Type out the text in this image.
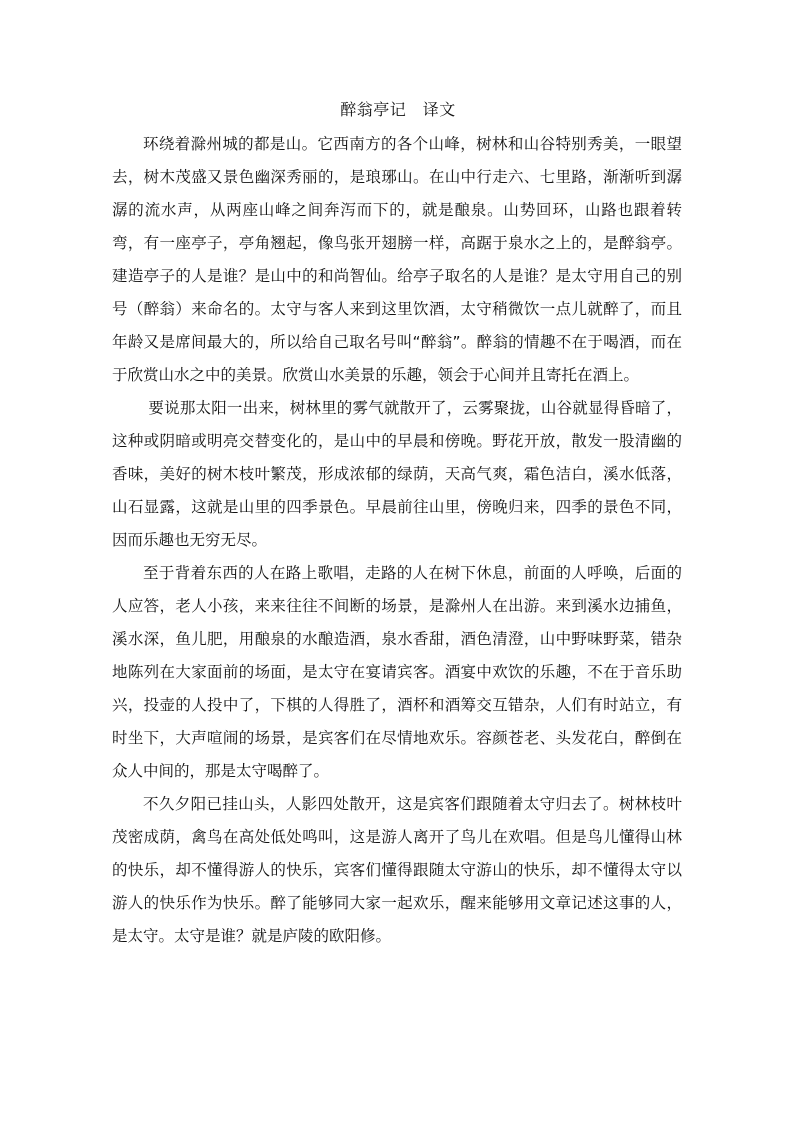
醉翁亭记　译文

环绕着滁州城的都是山。它西南方的各个山峰，树林和山谷特别秀美，一眼望去，树木茂盛又景色幽深秀丽的，是琅琊山。在山中行走六、七里路，渐渐听到潺潺的流水声，从两座山峰之间奔泻而下的，就是酿泉。山势回环，山路也跟着转弯，有一座亭子，亭角翘起，像鸟张开翅膀一样，高踞于泉水之上的，是醉翁亭。建造亭子的人是谁？是山中的和尚智仙。给亭子取名的人是谁？是太守用自己的别号（醉翁）来命名的。太守与客人来到这里饮酒，太守稍微饮一点儿就醉了，而且年龄又是席间最大的，所以给自己取名号叫“醉翁”。醉翁的情趣不在于喝酒，而在于欣赏山水之中的美景。欣赏山水美景的乐趣，领会于心间并且寄托在酒上。

要说那太阳一出来，树林里的雾气就散开了，云雾聚拢，山谷就显得昏暗了，这种或阴暗或明亮交替变化的，是山中的早晨和傍晚。野花开放，散发一股清幽的香味，美好的树木枝叶繁茂，形成浓郁的绿荫，天高气爽，霜色洁白，溪水低落，山石显露，这就是山里的四季景色。早晨前往山里，傍晚归来，四季的景色不同，因而乐趣也无穷无尽。

至于背着东西的人在路上歌唱，走路的人在树下休息，前面的人呼唤，后面的人应答，老人小孩，来来往往不间断的场景，是滁州人在出游。来到溪水边捕鱼，溪水深，鱼儿肥，用酿泉的水酿造酒，泉水香甜，酒色清澄，山中野味野菜，错杂地陈列在大家面前的场面，是太守在宴请宾客。酒宴中欢饮的乐趣，不在于音乐助兴，投壶的人投中了，下棋的人得胜了，酒杯和酒筹交互错杂，人们有时站立，有时坐下，大声喧闹的场景，是宾客们在尽情地欢乐。容颜苍老、头发花白，醉倒在众人中间的，那是太守喝醉了。

不久夕阳已挂山头，人影四处散开，这是宾客们跟随着太守归去了。树林枝叶茂密成荫，禽鸟在高处低处鸣叫，这是游人离开了鸟儿在欢唱。但是鸟儿懂得山林的快乐，却不懂得游人的快乐，宾客们懂得跟随太守游山的快乐，却不懂得太守以游人的快乐作为快乐。醉了能够同大家一起欢乐，醒来能够用文章记述这事的人，是太守。太守是谁？就是庐陵的欧阳修。
